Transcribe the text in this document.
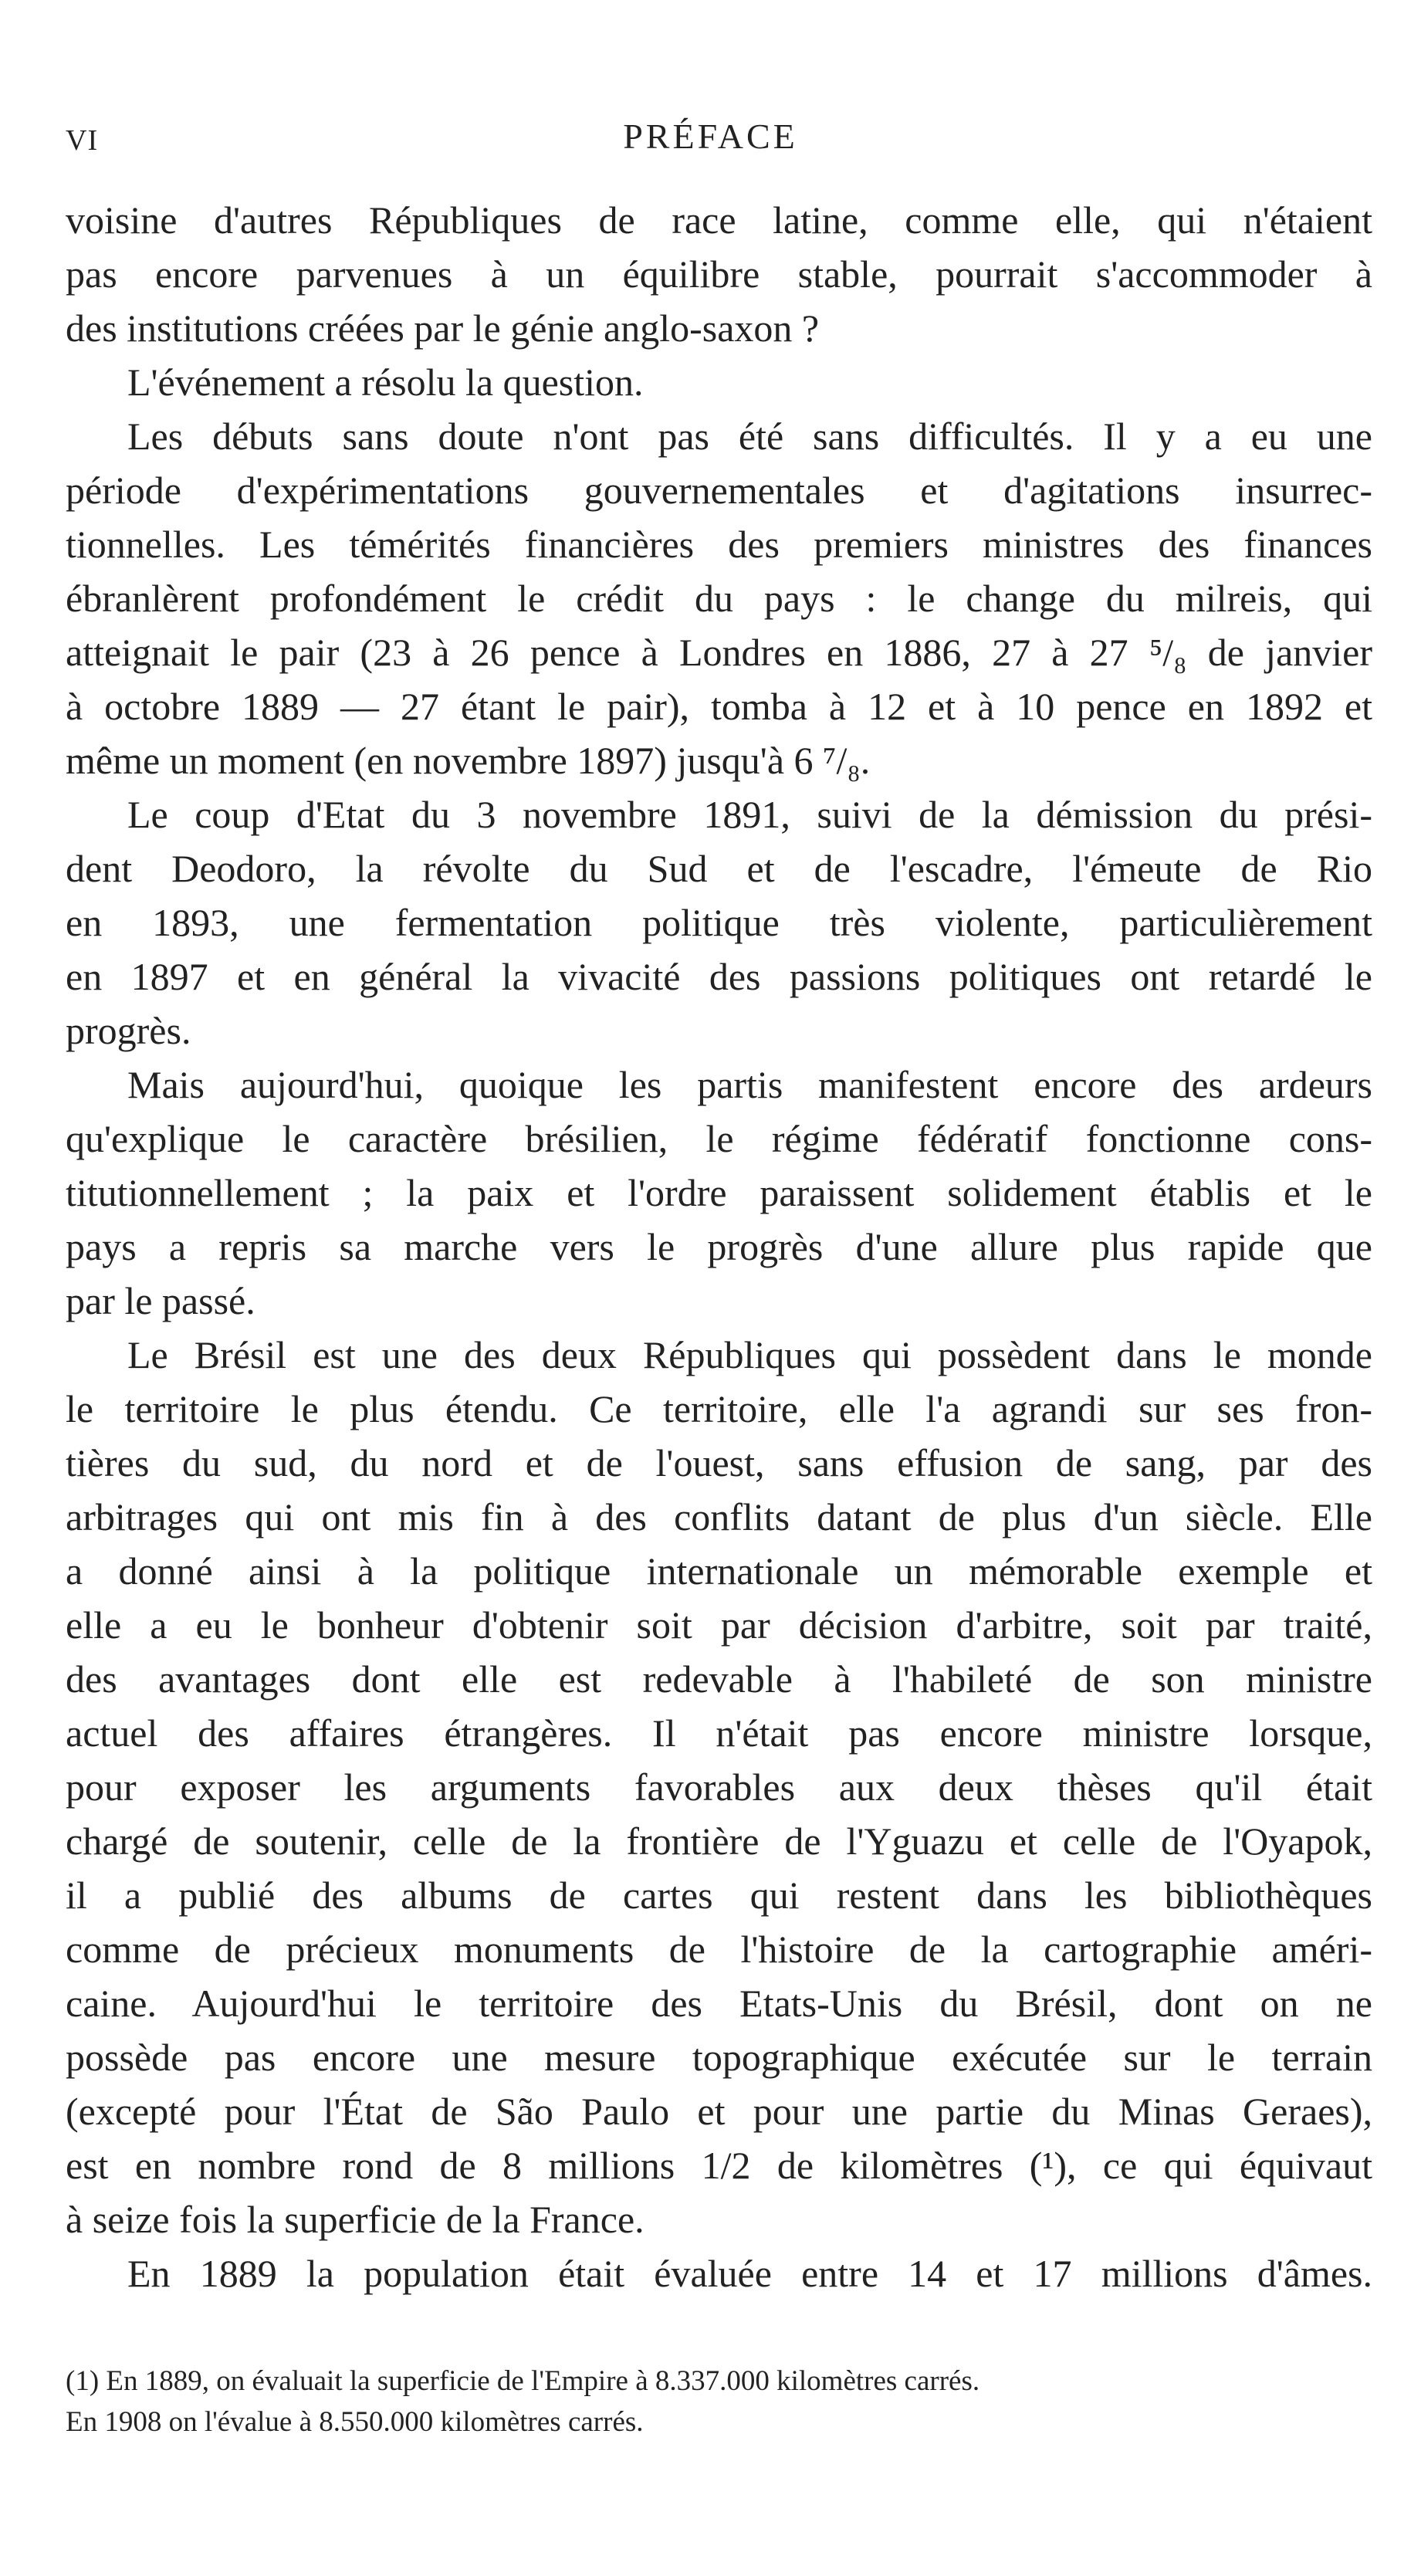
VI	PRÉFACE
voisine d'autres Républiques de race latine, comme elle, qui n'étaient
pas encore parvenues à un équilibre stable, pourrait s'accommoder à
des institutions créées par le génie anglo-saxon ?
L'événement a résolu la question.
Les débuts sans doute n'ont pas été sans difficultés. Il y a eu une
période d'expérimentations gouvernementales et d'agitations insurrec-
tionnelles. Les témérités financières des premiers ministres des finances
ébranlèrent profondément le crédit du pays : le change du milreis, qui
atteignait le pair (23 à 26 pence à Londres en 1886, 27 à 27 ⁵/₈ de janvier
à octobre 1889 — 27 étant le pair), tomba à 12 et à 10 pence en 1892 et
même un moment (en novembre 1897) jusqu'à 6 ⁷/₈.
Le coup d'Etat du 3 novembre 1891, suivi de la démission du prési-
dent Deodoro, la révolte du Sud et de l'escadre, l'émeute de Rio
en 1893, une fermentation politique très violente, particulièrement
en 1897 et en général la vivacité des passions politiques ont retardé le
progrès.
Mais aujourd'hui, quoique les partis manifestent encore des ardeurs
qu'explique le caractère brésilien, le régime fédératif fonctionne cons-
titutionnellement ; la paix et l'ordre paraissent solidement établis et le
pays a repris sa marche vers le progrès d'une allure plus rapide que
par le passé.
Le Brésil est une des deux Républiques qui possèdent dans le monde
le territoire le plus étendu. Ce territoire, elle l'a agrandi sur ses fron-
tières du sud, du nord et de l'ouest, sans effusion de sang, par des
arbitrages qui ont mis fin à des conflits datant de plus d'un siècle. Elle
a donné ainsi à la politique internationale un mémorable exemple et
elle a eu le bonheur d'obtenir soit par décision d'arbitre, soit par traité,
des avantages dont elle est redevable à l'habileté de son ministre
actuel des affaires étrangères. Il n'était pas encore ministre lorsque,
pour exposer les arguments favorables aux deux thèses qu'il était
chargé de soutenir, celle de la frontière de l'Yguazu et celle de l'Oyapok,
il a publié des albums de cartes qui restent dans les bibliothèques
comme de précieux monuments de l'histoire de la cartographie améri-
caine. Aujourd'hui le territoire des Etats-Unis du Brésil, dont on ne
possède pas encore une mesure topographique exécutée sur le terrain
(excepté pour l'État de São Paulo et pour une partie du Minas Geraes),
est en nombre rond de 8 millions 1/2 de kilomètres (¹), ce qui équivaut
à seize fois la superficie de la France.
En 1889 la population était évaluée entre 14 et 17 millions d'âmes.
(1) En 1889, on évaluait la superficie de l'Empire à 8.337.000 kilomètres carrés.
En 1908 on l'évalue à 8.550.000 kilomètres carrés.
